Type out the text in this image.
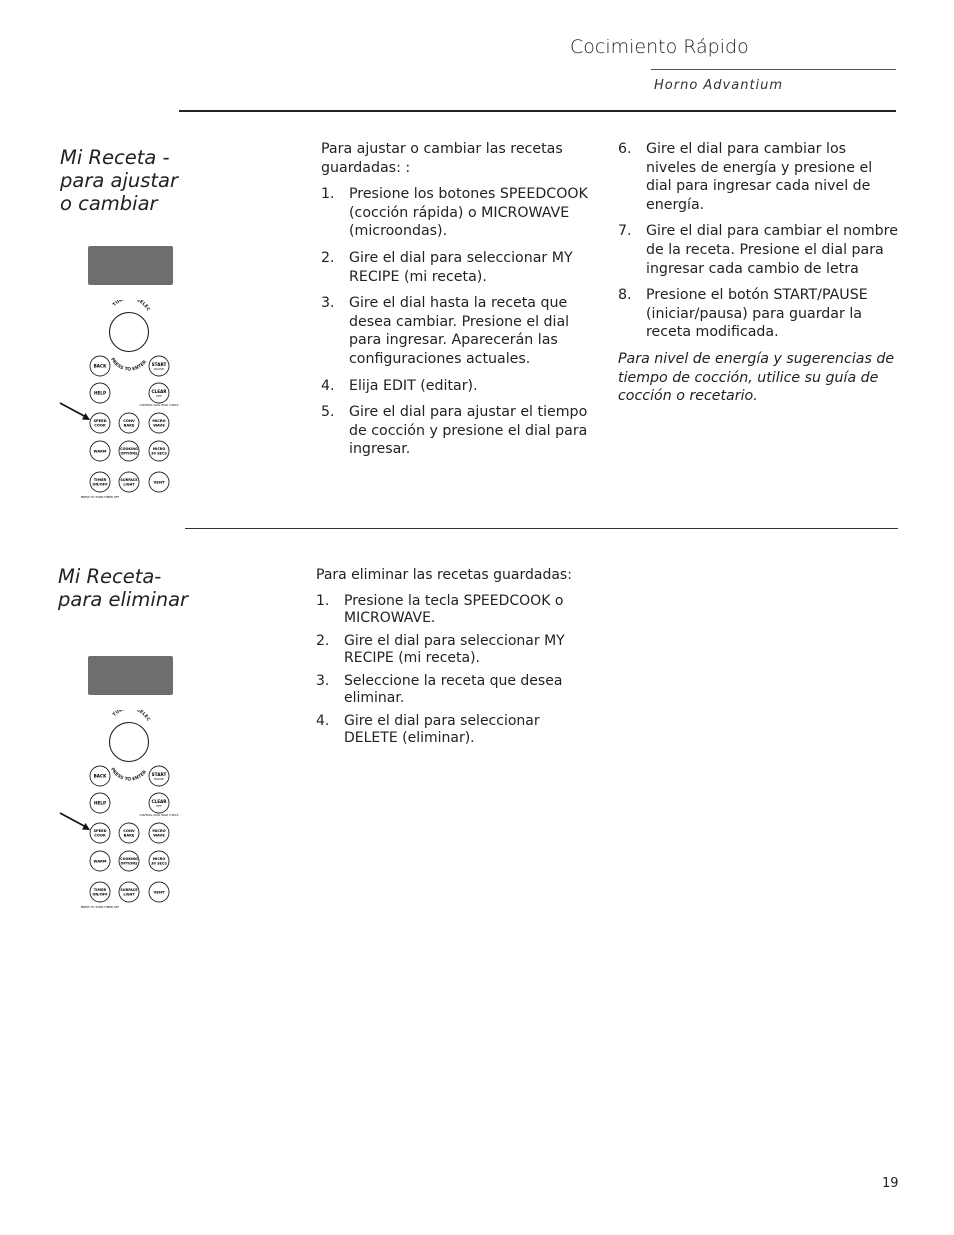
Cocimiento Rápido
Horno Advantium
Mi Receta -
para ajustar
o cambiar
TUR SELEC
PRESS TO ENTER
BACK	START
PAUSE
HELP	CLEAR
OFF
CONTROL LOCK HOLD 3 SECS
SPEED
COOK
CONV
BAKE
MICRO
WAVE
WARM
COOKING
OPTIONS
MICRO
30 SECS
TIMER
ON/OFF
PRESS TO TURN TIMER OFF
SURFACE
LIGHT	VENT

Para ajustar o cambiar las recetas guardadas: :

1. Presione los botones SPEEDCOOK (cocción rápida) o MICROWAVE (microondas).
2. Gire el dial para seleccionar MY RECIPE (mi receta).
3. Gire el dial hasta la receta que desea cambiar. Presione el dial para ingresar. Aparecerán las configuraciones actuales.
4. Elija EDIT (editar).
5. Gire el dial para ajustar el tiempo de cocción y presione el dial para ingresar.
6. Gire el dial para cambiar los niveles de energía y presione el dial para ingresar cada nivel de energía.
7. Gire el dial para cambiar el nombre de la receta. Presione el dial para ingresar cada cambio de letra
8. Presione el botón START/PAUSE (iniciar/pausa) para guardar la receta modificada.

Para nivel de energía y sugerencias de tiempo de cocción, utilice su guía de cocción o recetario.

Mi Receta-
para eliminar
TUR SELEC
PRESS TO ENTER
BACK	START
PAUSE
HELP	CLEAR
OFF
CONTROL LOCK HOLD 3 SECS
SPEED
COOK
CONV
BAKE
MICRO
WAVE
WARM
COOKING
OPTIONS
MICRO
30 SECS
TIMER
ON/OFF
PRESS TO TURN TIMER OFF
SURFACE
LIGHT	VENT

Para eliminar las recetas guardadas:

1. Presione la tecla SPEEDCOOK o MICROWAVE.
2. Gire el dial para seleccionar MY RECIPE (mi receta).
3. Seleccione la receta que desea eliminar.
4. Gire el dial para seleccionar DELETE (eliminar).
19
